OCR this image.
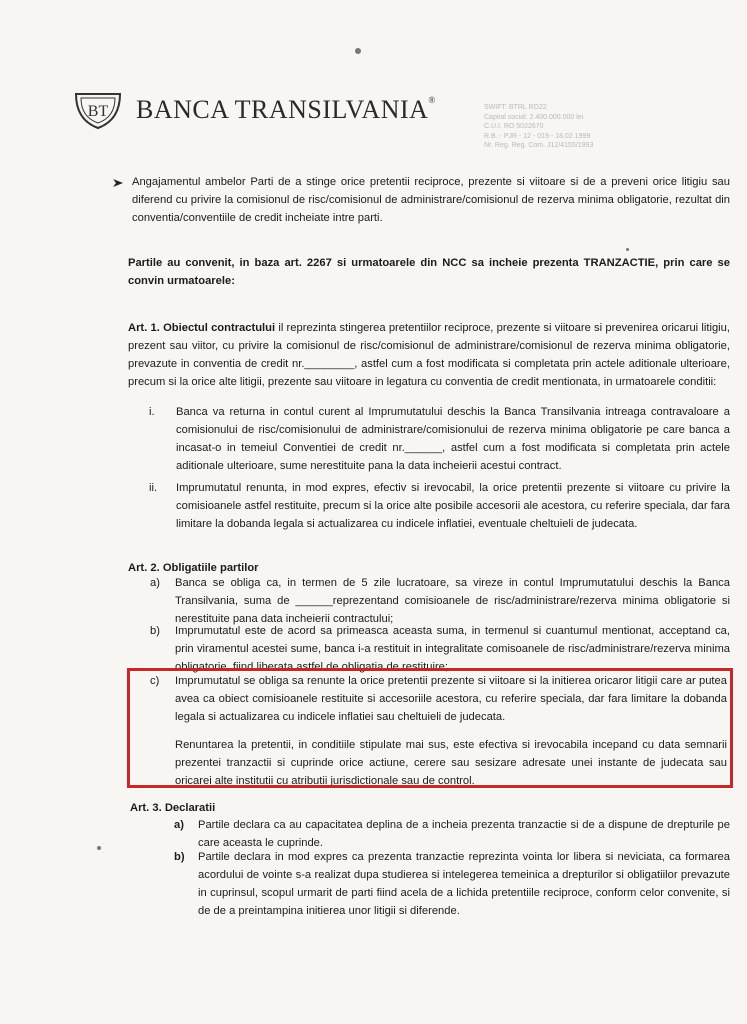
BT BANCA TRANSILVANIA®
SWIFT: BTRL RO22
Capital social: 2.400.000.000 lei
C.U.I. RO 5022670
R.B. - PJR - 12 - 019 - 18.02.1999
Nr. Reg. Reg. Com. J12/4155/1993
Angajamentul ambelor Parti de a stinge orice pretentii reciproce, prezente si viitoare si de a preveni orice litigiu sau diferend cu privire la comisionul de risc/comisionul de administrare/comisionul de rezerva minima obligatorie, rezultat din conventia/conventiile de credit incheiate intre parti.
Partile au convenit, in baza art. 2267 si urmatoarele din NCC sa incheie prezenta TRANZACTIE, prin care se convin urmatoarele:
Art. 1. Obiectul contractului il reprezinta stingerea pretentiilor reciproce, prezente si viitoare si prevenirea oricarui litigiu, prezent sau viitor, cu privire la comisionul de risc/comisionul de administrare/comisionul de rezerva minima obligatorie, prevazute in conventia de credit nr.________, astfel cum a fost modificata si completata prin actele aditionale ulterioare, precum si la orice alte litigii, prezente sau viitoare in legatura cu conventia de credit mentionata, in urmatoarele conditii:
i. Banca va returna in contul curent al Imprumutatului deschis la Banca Transilvania intreaga contravaloare a comisionului de risc/comisionului de administrare/comisionului de rezerva minima obligatorie pe care banca a incasat-o in temeiul Conventiei de credit nr.______, astfel cum a fost modificata si completata prin actele aditionale ulterioare, sume nerestituite pana la data incheierii acestui contract.
ii. Imprumutatul renunta, in mod expres, efectiv si irevocabil, la orice pretentii prezente si viitoare cu privire la comisioanele astfel restituite, precum si la orice alte posibile accesorii ale acestora, cu referire speciala, dar fara limitare la dobanda legala si actualizarea cu indicele inflatiei, eventuale cheltuieli de judecata.
Art. 2. Obligatiile partilor
a) Banca se obliga ca, in termen de 5 zile lucratoare, sa vireze in contul Imprumutatului deschis la Banca Transilvania, suma de ______reprezentand comisioanele de risc/administrare/rezerva minima obligatorie si nerestituite pana data incheierii contractului;
b) Imprumutatul este de acord sa primeasca aceasta suma, in termenul si cuantumul mentionat, acceptand ca, prin viramentul acestei sume, banca i-a restituit in integralitate comisoanele de risc/administrare/rezerva minima obligatorie, fiind liberata astfel de obligatia de restituire;
c) Imprumutatul se obliga sa renunte la orice pretentii prezente si viitoare si la initierea oricaror litigii care ar putea avea ca obiect comisioanele restituite si accesoriile acestora, cu referire speciala, dar fara limitare la dobanda legala si actualizarea cu indicele inflatiei sau cheltuieli de judecata.
Renuntarea la pretentii, in conditiile stipulate mai sus, este efectiva si irevocabila incepand cu data semnarii prezentei tranzactii si cuprinde orice actiune, cerere sau sesizare adresate unei instante de judecata sau oricarei alte institutii cu atributii jurisdictionale sau de control.
Art. 3. Declaratii
a) Partile declara ca au capacitatea deplina de a incheia prezenta tranzactie si de a dispune de drepturile pe care aceasta le cuprinde.
b) Partile declara in mod expres ca prezenta tranzactie reprezinta vointa lor libera si neviciata, ca formarea acordului de vointe s-a realizat dupa studierea si intelegerea temeinica a drepturilor si obligatiilor prevazute in cuprinsul, scopul urmarit de parti fiind acela de a lichida pretentiile reciproce, conform celor convenite, si de de a preintampina initierea unor litigii si diferende.
